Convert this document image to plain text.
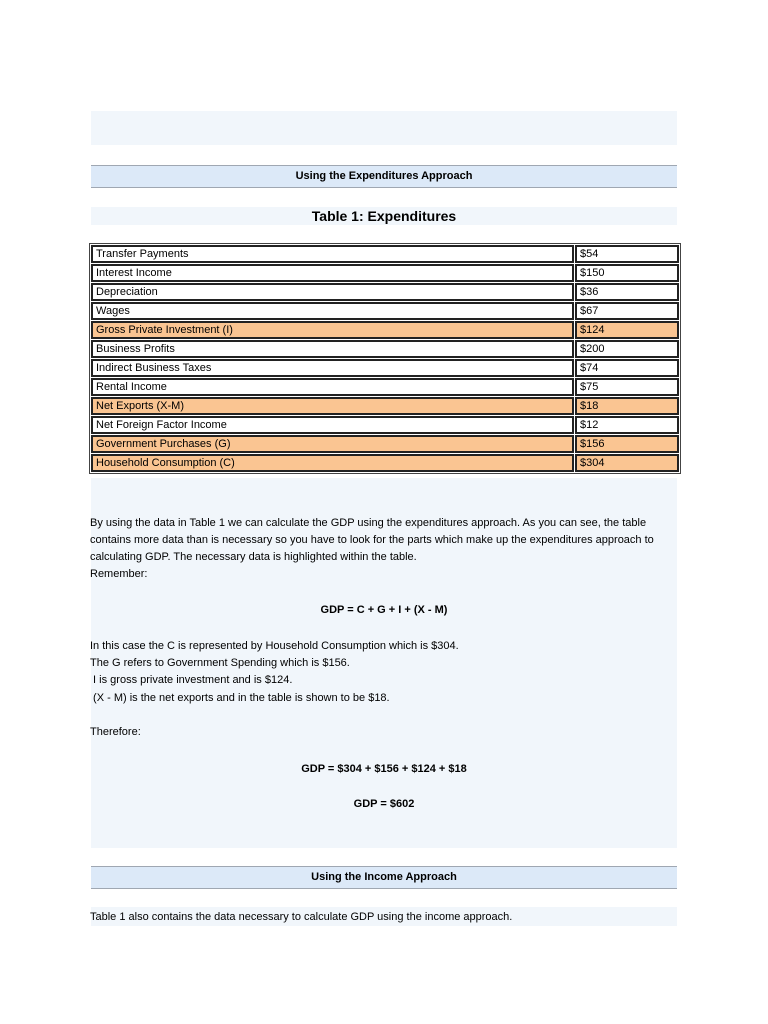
Using the Expenditures Approach
Table 1: Expenditures
Transfer Payments	$54
Interest Income	$150
Depreciation	$36
Wages	$67
Gross Private Investment (I)	$124
Business Profits	$200
Indirect Business Taxes	$74
Rental Income	$75
Net Exports (X-M)	$18
Net Foreign Factor Income	$12
Government Purchases (G)	$156
Household Consumption (C)	$304

By using the data in Table 1 we can calculate the GDP using the expenditures approach. As you can see, the table

contains more data than is necessary so you have to look for the parts which make up the expenditures approach to

calculating GDP. The necessary data is highlighted within the table.

Remember:

GDP = C + G + I + (X - M)

In this case the C is represented by Household Consumption which is $304.

The G refers to Government Spending which is $156.

I is gross private investment and is $124.

(X - M) is the net exports and in the table is shown to be $18.

Therefore:

GDP = $304 + $156 + $124 + $18
GDP = $602
Using the Income Approach

Table 1 also contains the data necessary to calculate GDP using the income approach.
